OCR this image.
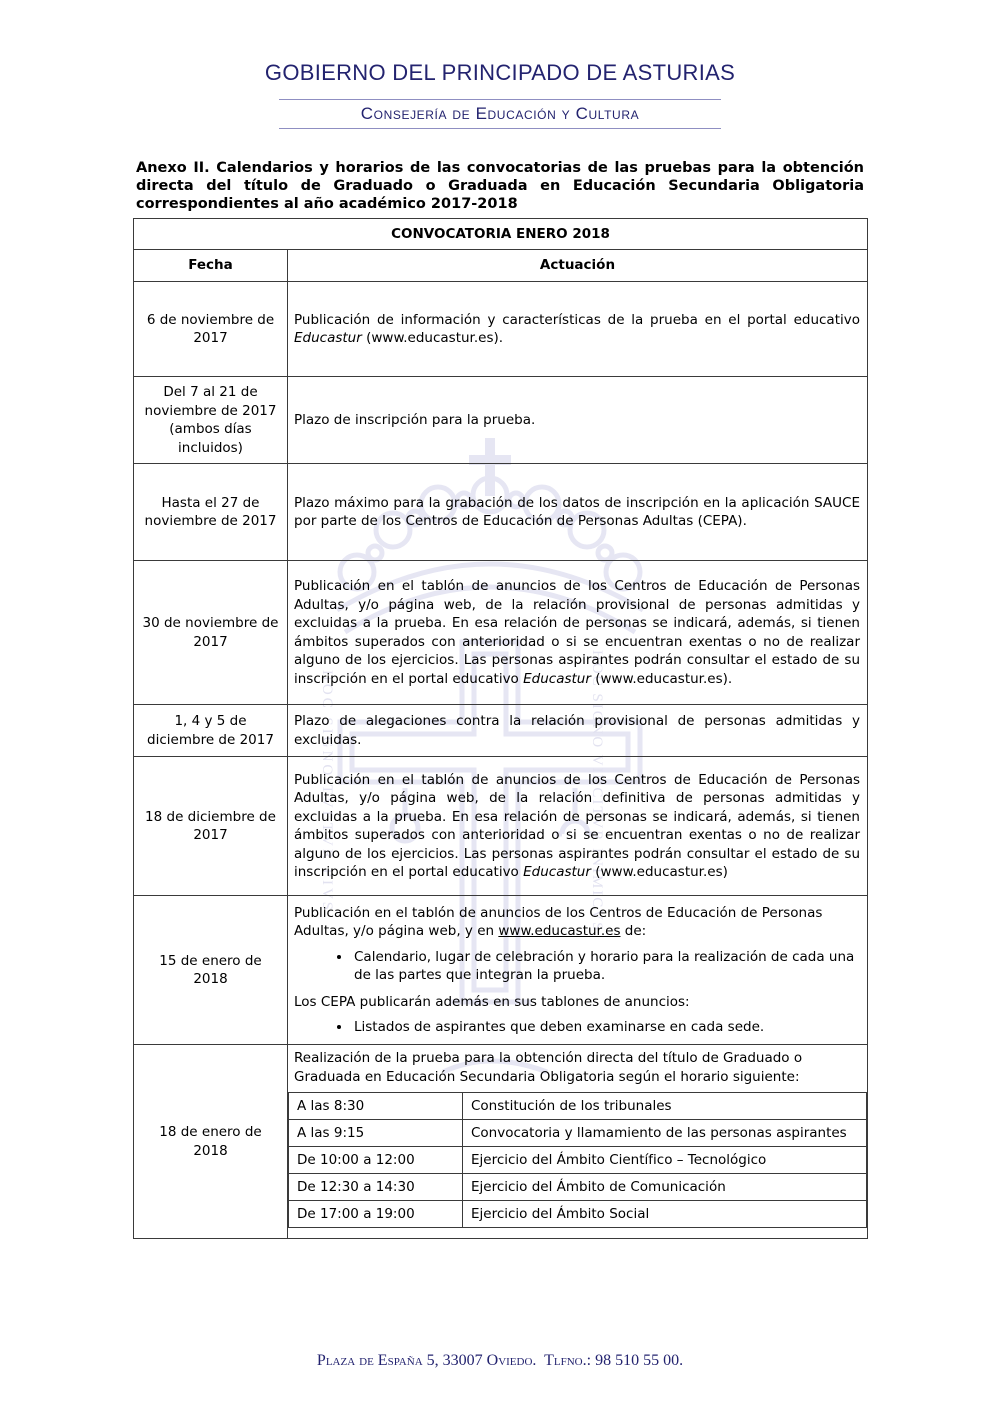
HOC SIGNO TVETVR PIVS	HOC SIGNO VINCITVR INIMICVS
GOBIERNO DEL PRINCIPADO DE ASTURIAS
Consejería de Educación y Cultura

Anexo II. Calendarios y horarios de las convocatorias de las pruebas para la obtención directa del título de Graduado o Graduada en Educación Secundaria Obligatoria correspondientes al año académico 2017-2018

CONVOCATORIA ENERO 2018
Fecha	Actuación
6 de noviembre de 2017	
Publicación de información y características de la prueba en el portal educativo Educastur (www.educastur.es).

Del 7 al 21 de noviembre de 2017 (ambos días incluidos)	
Plazo de inscripción para la prueba.

Hasta el 27 de noviembre de 2017	
Plazo máximo para la grabación de los datos de inscripción en la aplicación SAUCE por parte de los Centros de Educación de Personas Adultas (CEPA).

30 de noviembre de 2017	
Publicación en el tablón de anuncios de los Centros de Educación de Personas Adultas, y/o página web, de la relación provisional de personas admitidas y excluidas a la prueba. En esa relación de personas se indicará, además, si tienen ámbitos superados con anterioridad o si se encuentran exentas o no de realizar alguno de los ejercicios. Las personas aspirantes podrán consultar el estado de su inscripción en el portal educativo Educastur (www.educastur.es).

1, 4 y 5 de diciembre de 2017	
Plazo de alegaciones contra la relación provisional de personas admitidas y excluidas.

18 de diciembre de 2017	
Publicación en el tablón de anuncios de los Centros de Educación de Personas Adultas, y/o página web, de la relación definitiva de personas admitidas y excluidas a la prueba. En esa relación de personas se indicará, además, si tienen ámbitos superados con anterioridad o si se encuentran exentas o no de realizar alguno de los ejercicios. Las personas aspirantes podrán consultar el estado de su inscripción en el portal educativo Educastur (www.educastur.es)

15 de enero de 2018	
Publicación en el tablón de anuncios de los Centros de Educación de Personas Adultas, y/o página web, y en www.educastur.es de:
• Calendario, lugar de celebración y horario para la realización de cada una de las partes que integran la prueba.
Los CEPA publicarán además en sus tablones de anuncios:
• Listados de aspirantes que deben examinarse en cada sede.

18 de enero de 2018	
Realización de la prueba para la obtención directa del título de Graduado o Graduada en Educación Secundaria Obligatoria según el horario siguiente:
A las 8:30	Constitución de los tribunales
A las 9:15	Convocatoria y llamamiento de las personas aspirantes
De 10:00 a 12:00	Ejercicio del Ámbito Científico – Tecnológico
De 12:30 a 14:30	Ejercicio del Ámbito de Comunicación
De 17:00 a 19:00	Ejercicio del Ámbito Social
Plaza de España 5, 33007 Oviedo.  Tlfno.: 98 510 55 00.
